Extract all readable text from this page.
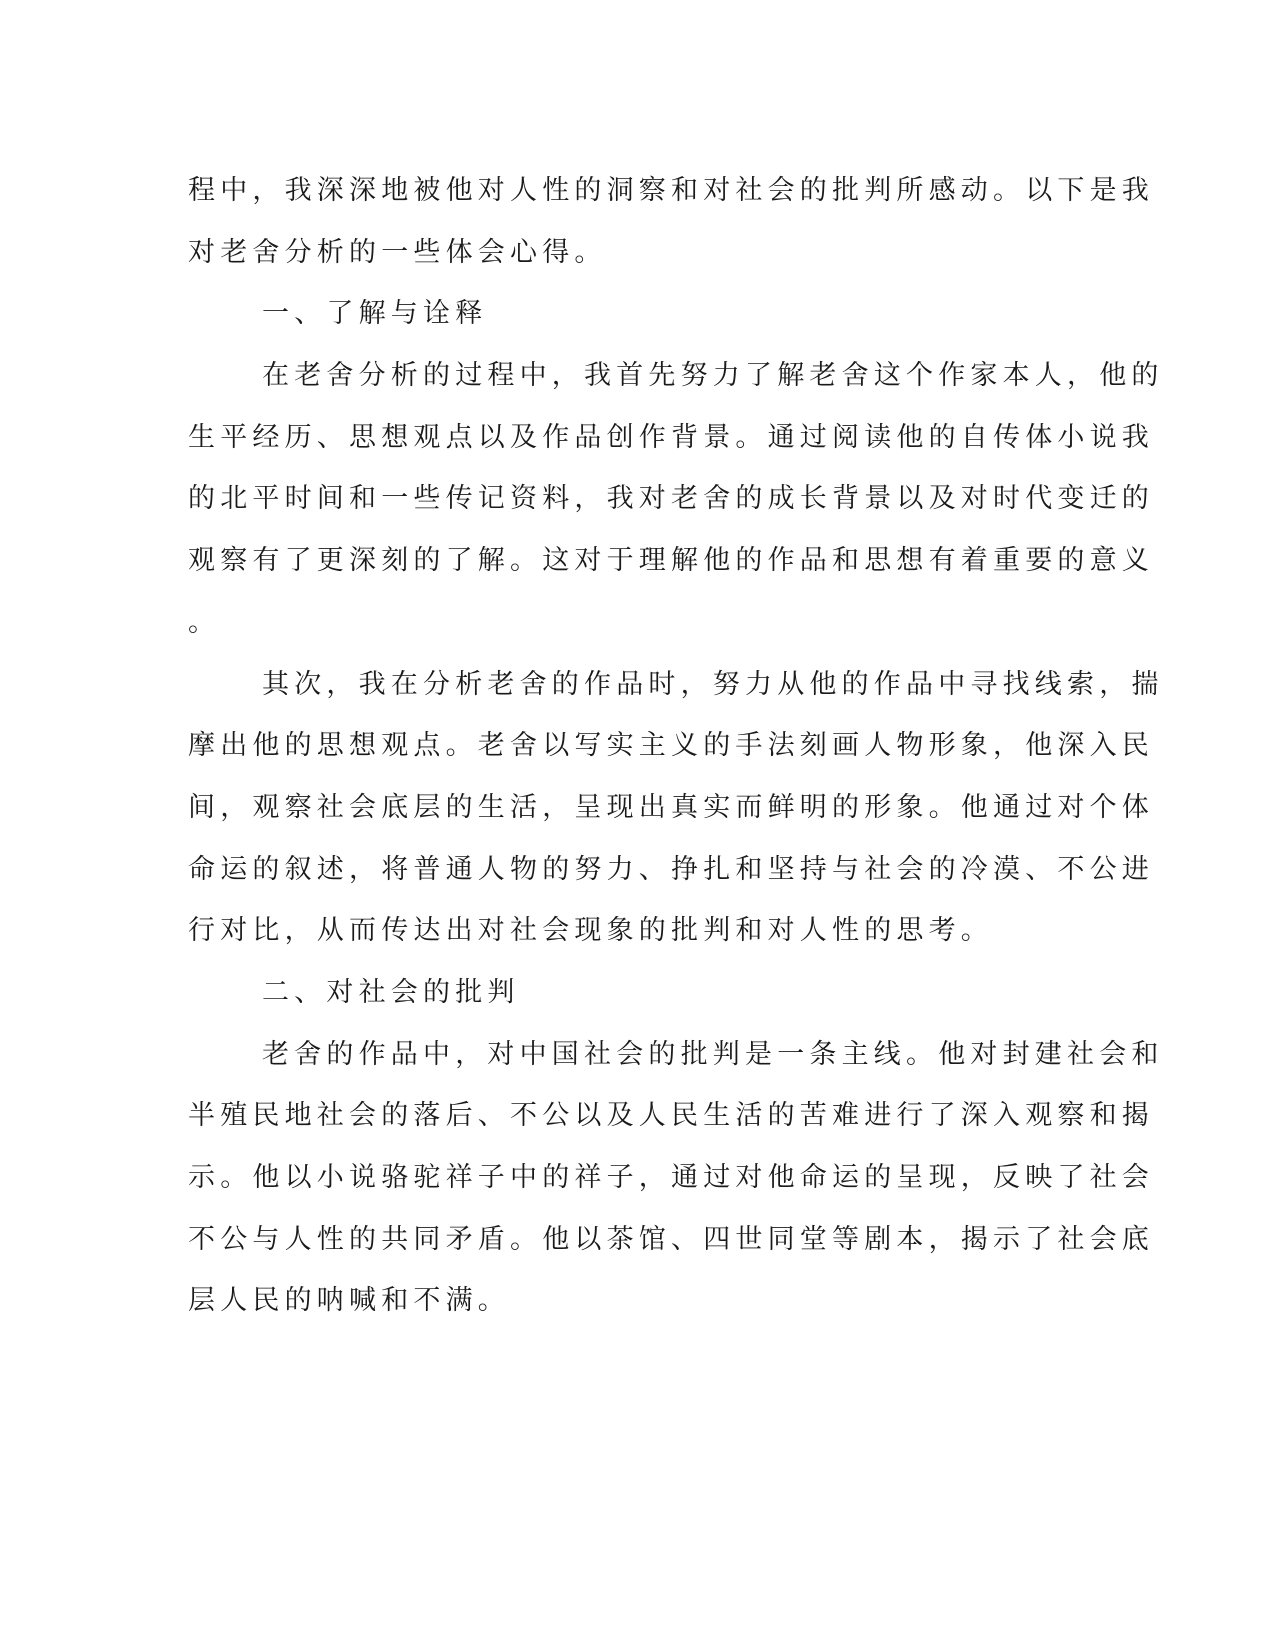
程中，我深深地被他对人性的洞察和对社会的批判所感动。以下是我
对老舍分析的一些体会心得。
一、了解与诠释
在老舍分析的过程中，我首先努力了解老舍这个作家本人，他的
生平经历、思想观点以及作品创作背景。通过阅读他的自传体小说我
的北平时间和一些传记资料，我对老舍的成长背景以及对时代变迁的
观察有了更深刻的了解。这对于理解他的作品和思想有着重要的意义
。
其次，我在分析老舍的作品时，努力从他的作品中寻找线索，揣
摩出他的思想观点。老舍以写实主义的手法刻画人物形象，他深入民
间，观察社会底层的生活，呈现出真实而鲜明的形象。他通过对个体
命运的叙述，将普通人物的努力、挣扎和坚持与社会的冷漠、不公进
行对比，从而传达出对社会现象的批判和对人性的思考。
二、对社会的批判
老舍的作品中，对中国社会的批判是一条主线。他对封建社会和
半殖民地社会的落后、不公以及人民生活的苦难进行了深入观察和揭
示。他以小说骆驼祥子中的祥子，通过对他命运的呈现，反映了社会
不公与人性的共同矛盾。他以茶馆、四世同堂等剧本，揭示了社会底
层人民的呐喊和不满。
